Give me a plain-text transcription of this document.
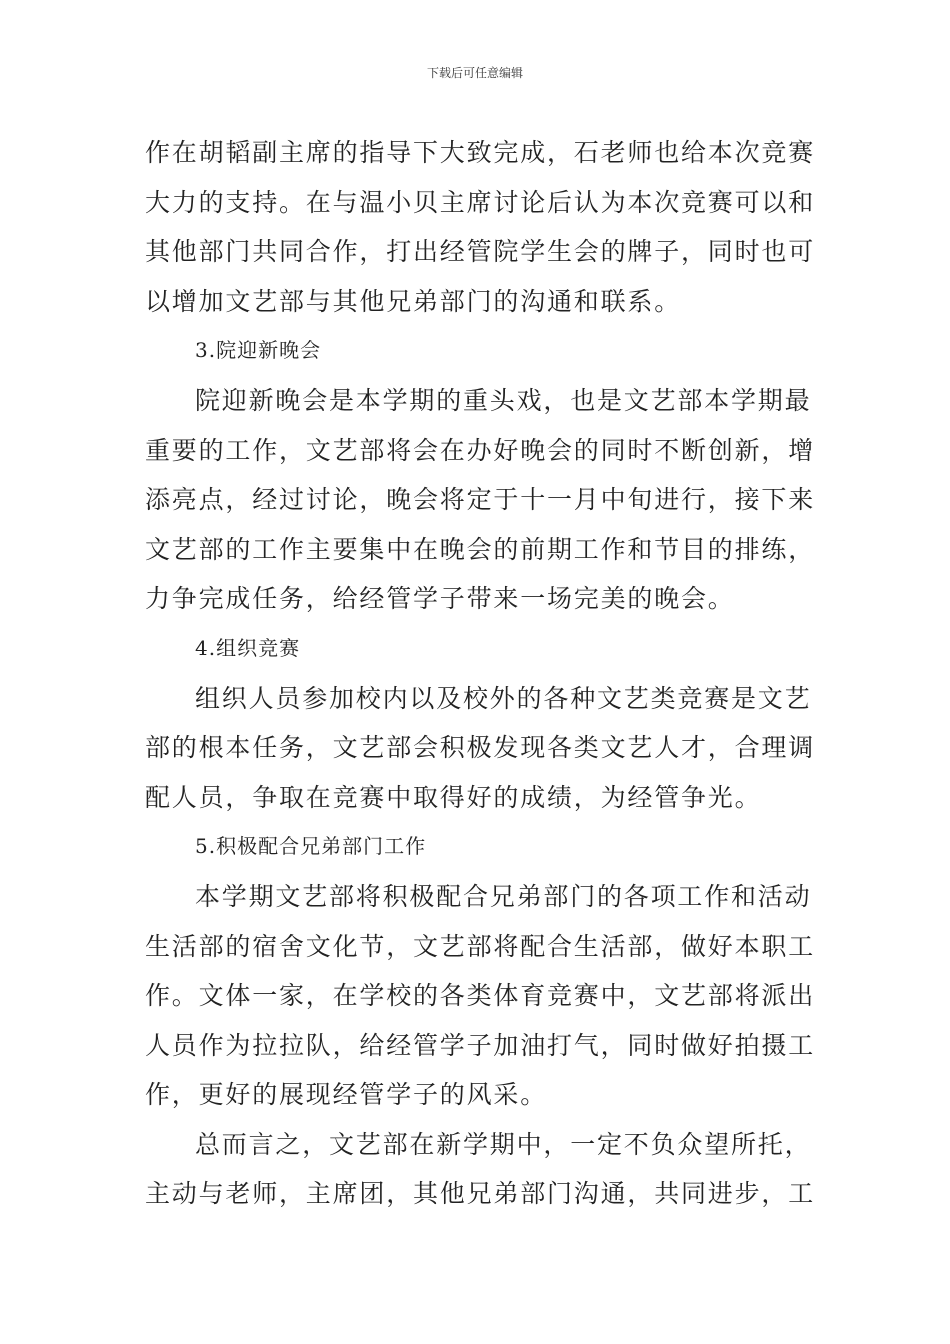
下载后可任意编辑
作在胡韬副主席的指导下大致完成，石老师也给本次竞赛
大力的支持。在与温小贝主席讨论后认为本次竞赛可以和
其他部门共同合作，打出经管院学生会的牌子，同时也可
以增加文艺部与其他兄弟部门的沟通和联系。
3.院迎新晚会
院迎新晚会是本学期的重头戏，也是文艺部本学期最
重要的工作，文艺部将会在办好晚会的同时不断创新，增
添亮点，经过讨论，晚会将定于十一月中旬进行，接下来
文艺部的工作主要集中在晚会的前期工作和节目的排练，
力争完成任务，给经管学子带来一场完美的晚会。
4.组织竞赛
组织人员参加校内以及校外的各种文艺类竞赛是文艺
部的根本任务，文艺部会积极发现各类文艺人才，合理调
配人员，争取在竞赛中取得好的成绩，为经管争光。
5.积极配合兄弟部门工作
本学期文艺部将积极配合兄弟部门的各项工作和活动
生活部的宿舍文化节，文艺部将配合生活部，做好本职工
作。文体一家，在学校的各类体育竞赛中，文艺部将派出
人员作为拉拉队，给经管学子加油打气，同时做好拍摄工
作，更好的展现经管学子的风采。
总而言之，文艺部在新学期中，一定不负众望所托，
主动与老师，主席团，其他兄弟部门沟通，共同进步，工
